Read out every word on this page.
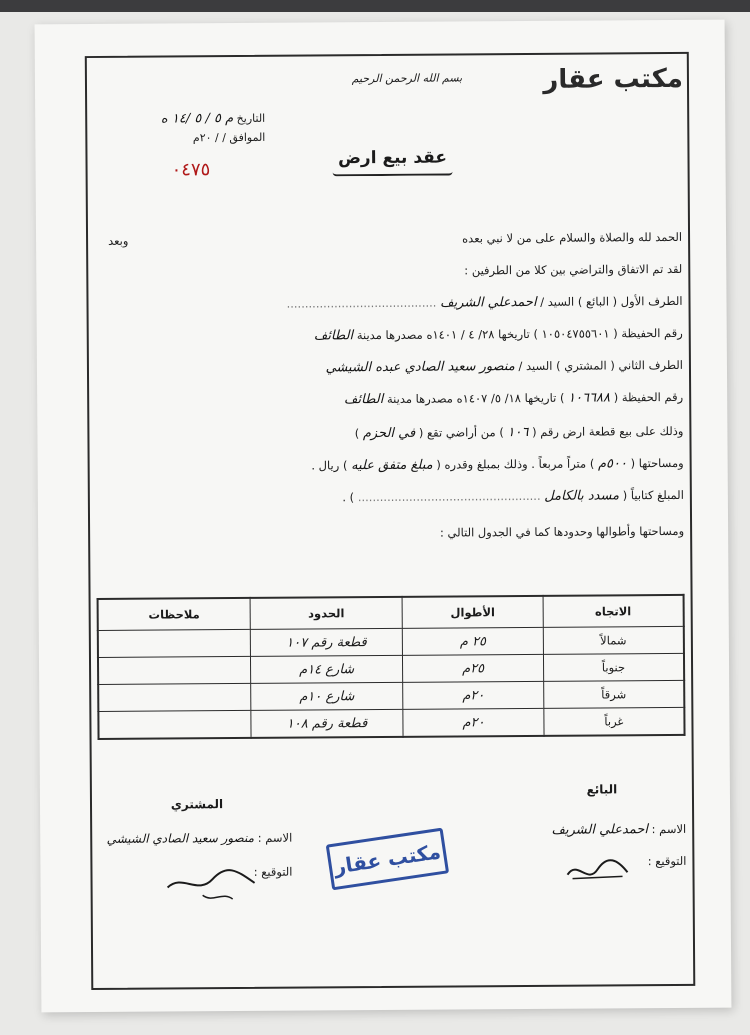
مكتب عقار
بسم الله الرحمن الرحيم
التاريخ م ٥ / ٥ /١٤ ه
الموافق / / ٢٠م
٠٤٧٥
عقد بيع ارض
الحمد لله والصلاة والسلام على من لا نبي بعده
وبعد
لقد تم الاتفاق والتراضي بين كلا من الطرفين :
الطرف الأول ( البائع ) السيد / احمدعلي الشريف .........................................
رقم الحفيظة ( ١٠٥٠٤٧٥٥٦٠١ ) تاريخها ٢٨/ ٤ / ١٤٠١ه مصدرها مدينة الطائف
الطرف الثاني ( المشتري ) السيد / منصور سعيد الصادي عبده الشيشي
رقم الحفيظة ( ١٠٦٦٨٨ ) تاريخها ١٨/ ٥/ ١٤٠٧ه مصدرها مدينة الطائف
وذلك على بيع قطعة ارض رقم ( ١٠٦ ) من أراضي تقع ( في الحزم )
ومساحتها ( ٥٠٠م ) متراً مربعاً . وذلك بمبلغ وقدره ( مبلغ متفق عليه ) ريال .
المبلغ كتابياً ( مسدد بالكامل .................................................. ) .
ومساحتها وأطوالها وحدودها كما في الجدول التالي :
الاتجاه	الأطوال	الحدود	ملاحظات
شمالاً	٢٥ م	قطعة رقم ١٠٧	
جنوباً	٢٥م	شارع ١٤م	
شرقاً	٢٠م	شارع ١٠م	
غرباً	٢٠م	قطعة رقم ١٠٨	
البائع
المشتري
الاسم : احمدعلي الشريف
التوقيع :
الاسم : منصور سعيد الصادي الشيشي
التوقيع :	مكتب عقار
